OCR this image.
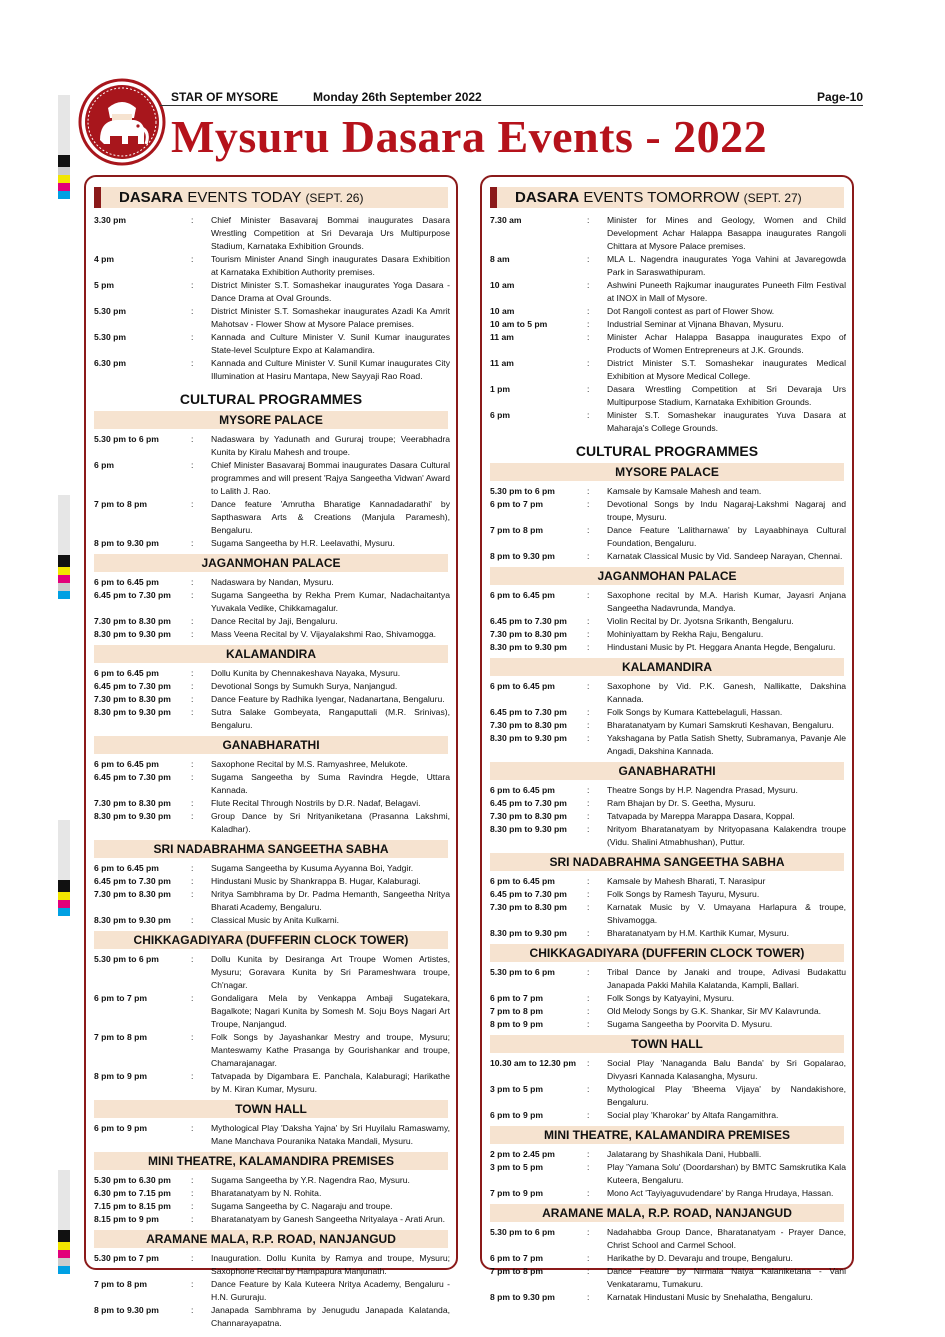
STAR OF MYSORE	Monday 26th September 2022	Page-10
Mysuru Dasara Events - 2022
DASARA EVENTS TODAY (SEPT. 26)
3.30 pm	:	Chief Minister Basavaraj Bommai inaugurates Dasara Wrestling Competition at Sri Devaraja Urs Multipurpose Stadium, Karnataka Exhibition Grounds.
4 pm	:	Tourism Minister Anand Singh inaugurates Dasara Exhibition at Karnataka Exhibition Authority premises.
5 pm	:	District Minister S.T. Somashekar inaugurates Yoga Dasara - Dance Drama at Oval Grounds.
5.30 pm	:	District Minister S.T. Somashekar inaugurates Azadi Ka Amrit Mahotsav - Flower Show at Mysore Palace premises.
5.30 pm	:	Kannada and Culture Minister V. Sunil Kumar inaugurates State-level Sculpture Expo at Kalamandira.
6.30 pm	:	Kannada and Culture Minister V. Sunil Kumar inaugurates City Illumination at Hasiru Mantapa, New Sayyaji Rao Road.
CULTURAL PROGRAMMES
MYSORE PALACE
5.30 pm to 6 pm	:	Nadaswara by Yadunath and Gururaj troupe; Veerabhadra Kunita by Kiralu Mahesh and troupe.
6 pm	:	Chief Minister Basavaraj Bommai inaugurates Dasara Cultural programmes and will present 'Rajya Sangeetha Vidwan' Award to Lalith J. Rao.
7 pm to 8 pm	:	Dance feature 'Amrutha Bharatige Kannadadarathi' by Sapthaswara Arts & Creations (Manjula Paramesh), Bengaluru.
8 pm to 9.30 pm	:	Sugama Sangeetha by H.R. Leelavathi, Mysuru.
JAGANMOHAN PALACE
6 pm to 6.45 pm	:	Nadaswara by Nandan, Mysuru.
6.45 pm to 7.30 pm	:	Sugama Sangeetha by Rekha Prem Kumar, Nadachaitantya Yuvakala Vedike, Chikkamagalur.
7.30 pm to 8.30 pm	:	Dance Recital by Jaji, Bengaluru.
8.30 pm to 9.30 pm	:	Mass Veena Recital by V. Vijayalakshmi Rao, Shivamogga.
KALAMANDIRA
6 pm to 6.45 pm	:	Dollu Kunita by Chennakeshava Nayaka, Mysuru.
6.45 pm to 7.30 pm	:	Devotional Songs by Sumukh Surya, Nanjangud.
7.30 pm to 8.30 pm	:	Dance Feature by Radhika Iyengar, Nadanartana, Bengaluru.
8.30 pm to 9.30 pm	:	Sutra Salake Gombeyata, Rangaputtali (M.R. Srinivas), Bengaluru.
GANABHARATHI
6 pm to 6.45 pm	:	Saxophone Recital by M.S. Ramyashree, Melukote.
6.45 pm to 7.30 pm	:	Sugama Sangeetha by Suma Ravindra Hegde, Uttara Kannada.
7.30 pm to 8.30 pm	:	Flute Recital Through Nostrils by D.R. Nadaf, Belagavi.
8.30 pm to 9.30 pm	:	Group Dance by Sri Nrityaniketana (Prasanna Lakshmi, Kaladhar).
SRI NADABRAHMA SANGEETHA SABHA
6 pm to 6.45 pm	:	Sugama Sangeetha by Kusuma Ayyanna Boi, Yadgir.
6.45 pm to 7.30 pm	:	Hindustani Music by Shankrappa B. Hugar, Kalaburagi.
7.30 pm to 8.30 pm	:	Nritya Sambhrama by Dr. Padma Hemanth, Sangeetha Nritya Bharati Academy, Bengaluru.
8.30 pm to 9.30 pm	:	Classical Music by Anita Kulkarni.
CHIKKAGADIYARA (DUFFERIN CLOCK TOWER)
5.30 pm to 6 pm	:	Dollu Kunita by Desiranga Art Troupe Women Artistes, Mysuru; Goravara Kunita by Sri Parameshwara troupe, Ch'nagar.
6 pm to 7 pm	:	Gondaligara Mela by Venkappa Ambaji Sugatekara, Bagalkote; Nagari Kunita by Somesh M. Soju Boys Nagari Art Troupe, Nanjangud.
7 pm to 8 pm	:	Folk Songs by Jayashankar Mestry and troupe, Mysuru; Manteswamy Kathe Prasanga by Gourishankar and troupe, Chamarajanagar.
8 pm to 9 pm	:	Tatvapada by Digambara E. Panchala, Kalaburagi; Harikathe by M. Kiran Kumar, Mysuru.
TOWN HALL
6 pm to 9 pm	:	Mythological Play 'Daksha Yajna' by Sri Huyilalu Ramaswamy, Mane Manchava Pouranika Nataka Mandali, Mysuru.
MINI THEATRE, KALAMANDIRA PREMISES
5.30 pm to 6.30 pm	:	Sugama Sangeetha by Y.R. Nagendra Rao, Mysuru.
6.30 pm to 7.15 pm	:	Bharatanatyam by N. Rohita.
7.15 pm to 8.15 pm	:	Sugama Sangeetha by C. Nagaraju and troupe.
8.15 pm to 9 pm	:	Bharatanatyam by Ganesh Sangeetha Nrityalaya - Arati Arun.
ARAMANE MALA, R.P. ROAD, NANJANGUD
5.30 pm to 7 pm	:	Inauguration. Dollu Kunita by Ramya and troupe, Mysuru; Saxophone Recital by Hampapura Manjunath.
7 pm to 8 pm	:	Dance Feature by Kala Kuteera Nritya Academy, Bengaluru - H.N. Gururaju.
8 pm to 9.30 pm	:	Janapada Sambhrama by Jenugudu Janapada Kalatanda, Channarayapatna.
DASARA EVENTS TOMORROW (SEPT. 27)
7.30 am	:	Minister for Mines and Geology, Women and Child Development Achar Halappa Basappa inaugurates Rangoli Chittara at Mysore Palace premises.
8 am	:	MLA L. Nagendra inaugurates Yoga Vahini at Javaregowda Park in Saraswathipuram.
10 am	:	Ashwini Puneeth Rajkumar inaugurates Puneeth Film Festival at INOX in Mall of Mysore.
10 am	:	Dot Rangoli contest as part of Flower Show.
10 am to 5 pm	:	Industrial Seminar at Vijnana Bhavan, Mysuru.
11 am	:	Minister Achar Halappa Basappa inaugurates Expo of Products of Women Entrepreneurs at J.K. Grounds.
11 am	:	District Minister S.T. Somashekar inaugurates Medical Exhibition at Mysore Medical College.
1 pm	:	Dasara Wrestling Competition at Sri Devaraja Urs Multipurpose Stadium, Karnataka Exhibition Grounds.
6 pm	:	Minister S.T. Somashekar inaugurates Yuva Dasara at Maharaja's College Grounds.
CULTURAL PROGRAMMES
MYSORE PALACE
5.30 pm to 6 pm	:	Kamsale by Kamsale Mahesh and team.
6 pm to 7 pm	:	Devotional Songs by Indu Nagaraj-Lakshmi Nagaraj and troupe, Mysuru.
7 pm to 8 pm	:	Dance Feature 'Lalitharnawa' by Layaabhinaya Cultural Foundation, Bengaluru.
8 pm to 9.30 pm	:	Karnatak Classical Music by Vid. Sandeep Narayan, Chennai.
JAGANMOHAN PALACE
6 pm to 6.45 pm	:	Saxophone recital by M.A. Harish Kumar, Jayasri Anjana Sangeetha Nadavrunda, Mandya.
6.45 pm to 7.30 pm	:	Violin Recital by Dr. Jyotsna Srikanth, Bengaluru.
7.30 pm to 8.30 pm	:	Mohiniyattam by Rekha Raju, Bengaluru.
8.30 pm to 9.30 pm	:	Hindustani Music by Pt. Heggara Ananta Hegde, Bengaluru.
KALAMANDIRA
6 pm to 6.45 pm	:	Saxophone by Vid. P.K. Ganesh, Nallikatte, Dakshina Kannada.
6.45 pm to 7.30 pm	:	Folk Songs by Kumara Kattebelaguli, Hassan.
7.30 pm to 8.30 pm	:	Bharatanatyam by Kumari Samskruti Keshavan, Bengaluru.
8.30 pm to 9.30 pm	:	Yakshagana by Patla Satish Shetty, Subramanya, Pavanje Ale Angadi, Dakshina Kannada.
GANABHARATHI
6 pm to 6.45 pm	:	Theatre Songs by H.P. Nagendra Prasad, Mysuru.
6.45 pm to 7.30 pm	:	Ram Bhajan by Dr. S. Geetha, Mysuru.
7.30 pm to 8.30 pm	:	Tatvapada by Mareppa Marappa Dasara, Koppal.
8.30 pm to 9.30 pm	:	Nrityom Bharatanatyam by Nrityopasana Kalakendra troupe (Vidu. Shalini Atmabhushan), Puttur.
SRI NADABRAHMA SANGEETHA SABHA
6 pm to 6.45 pm	:	Kamsale by Mahesh Bharati, T. Narasipur
6.45 pm to 7.30 pm	:	Folk Songs by Ramesh Tayuru, Mysuru.
7.30 pm to 8.30 pm	:	Karnatak Music by V. Umayana Harlapura & troupe, Shivamogga.
8.30 pm to 9.30 pm	:	Bharatanatyam by H.M. Karthik Kumar, Mysuru.
CHIKKAGADIYARA (DUFFERIN CLOCK TOWER)
5.30 pm to 6 pm	:	Tribal Dance by Janaki and troupe, Adivasi Budakattu Janapada Pakki Mahila Kalatanda, Kampli, Ballari.
6 pm to 7 pm	:	Folk Songs by Katyayini, Mysuru.
7 pm to 8 pm	:	Old Melody Songs by G.K. Shankar, Sir MV Kalavrunda.
8 pm to 9 pm	:	Sugama Sangeetha by Poorvita D. Mysuru.
TOWN HALL
10.30 am to 12.30 pm	:	Social Play 'Nanaganda Balu Banda' by Sri Gopalarao, Divyasri Kannada Kalasangha, Mysuru.
3 pm to 5 pm	:	Mythological Play 'Bheema Vijaya' by Nandakishore, Bengaluru.
6 pm to 9 pm	:	Social play 'Kharokar' by Altafa Rangamithra.
MINI THEATRE, KALAMANDIRA PREMISES
2 pm to 2.45 pm	:	Jalatarang by Shashikala Dani, Hubballi.
3 pm to 5 pm	:	Play 'Yamana Solu' (Doordarshan) by BMTC Samskrutika Kala Kuteera, Bengaluru.
7 pm to 9 pm	:	Mono Act 'Tayiyaguvudendare' by Ranga Hrudaya, Hassan.
ARAMANE MALA, R.P. ROAD, NANJANGUD
5.30 pm to 6 pm	:	Nadahabba Group Dance, Bharatanatyam - Prayer Dance, Christ School and Carmel School.
6 pm to 7 pm	:	Harikathe by D. Devaraju and troupe, Bengaluru.
7 pm to 8 pm	:	Dance Feature by Nirmala Natya Kalaniketana - Vani Venkataramu, Tumakuru.
8 pm to 9.30 pm	:	Karnatak Hindustani Music by Snehalatha, Bengaluru.
